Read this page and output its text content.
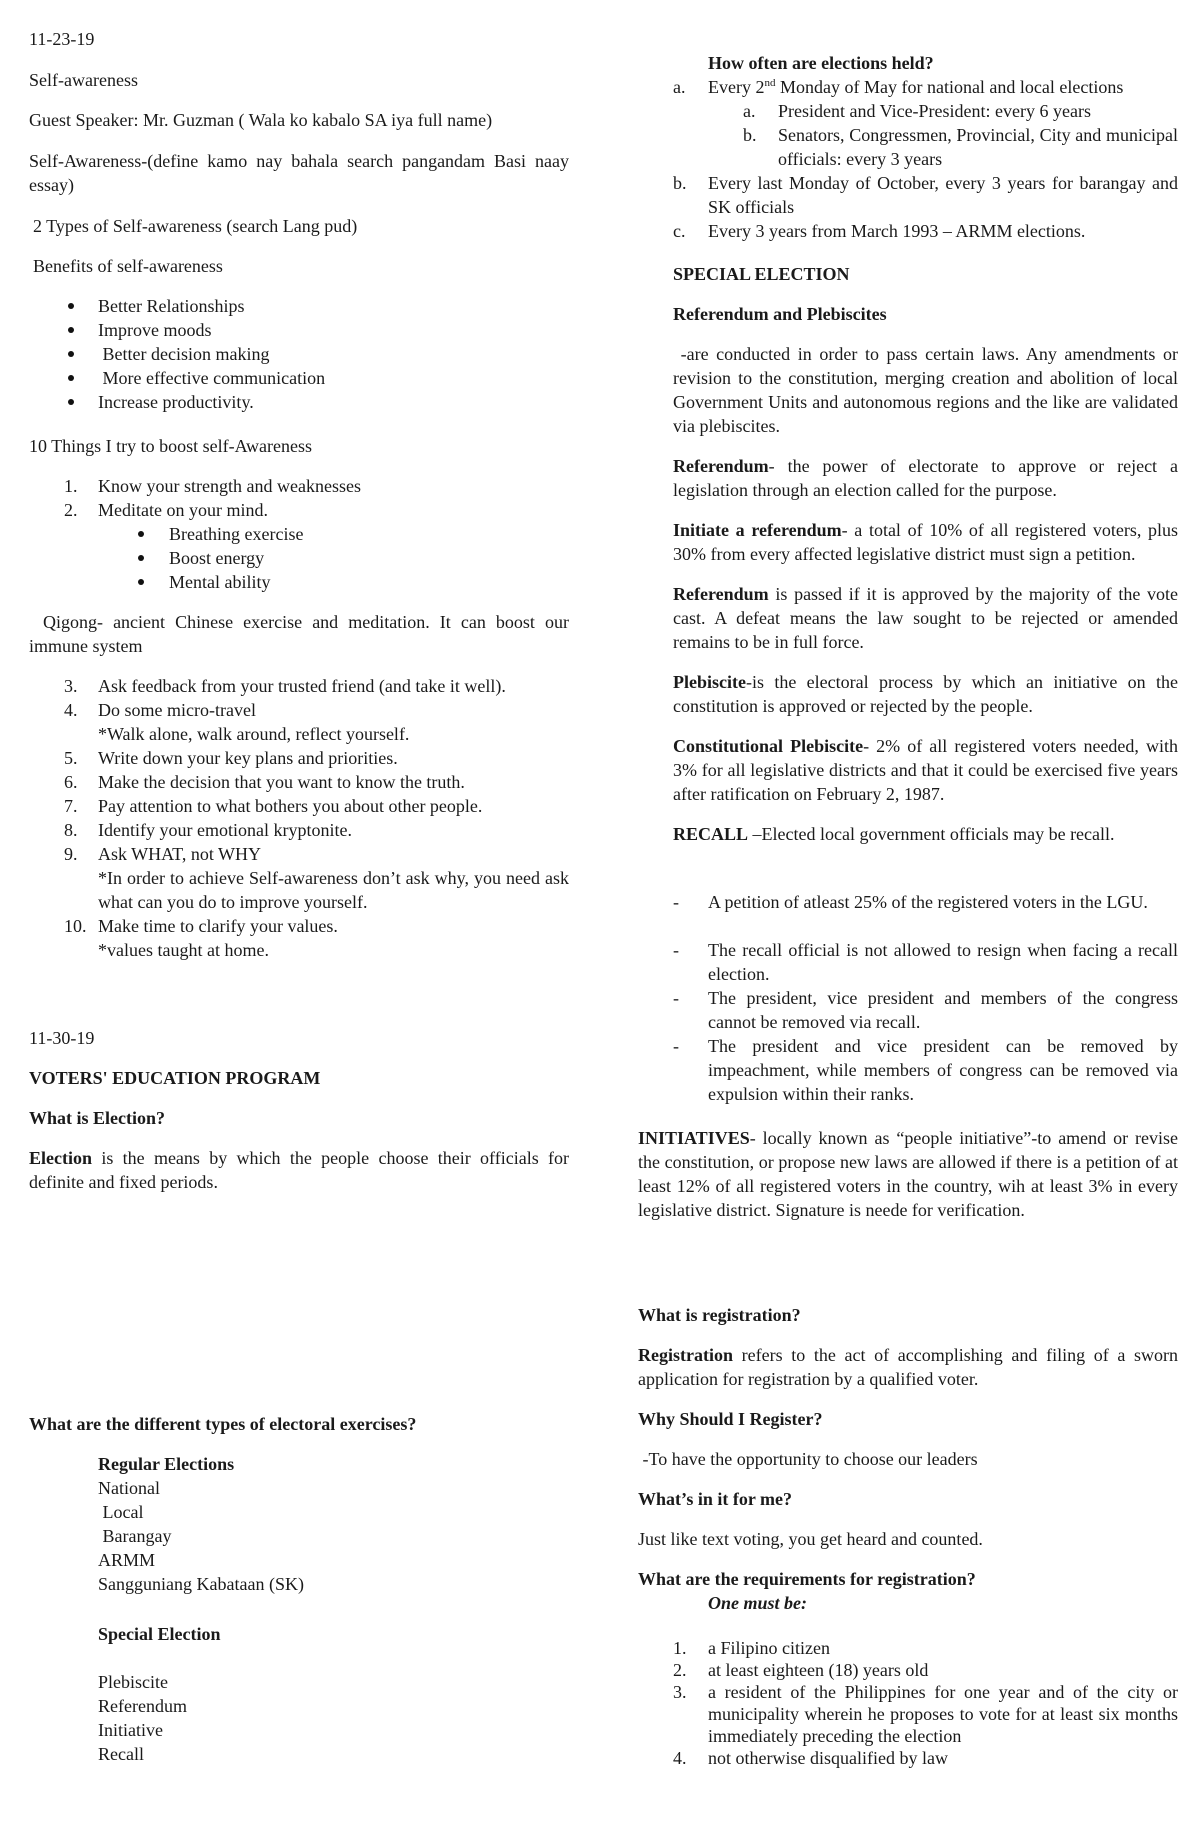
11-23-19

Self-awareness

Guest Speaker: Mr. Guzman ( Wala ko kabalo SA iya full name)

Self-Awareness-(define kamo nay bahala search pangandam Basi naay essay)

2 Types of Self-awareness (search Lang pud)

Benefits of self-awareness

Better Relationships
Improve moods
Better decision making
More effective communication
Increase productivity.

10 Things I try to boost self-Awareness

1. Know your strength and weaknesses
2. Meditate on your mind.
Breathing exercise
Boost energy
Mental ability

Qigong- ancient Chinese exercise and meditation. It can boost our immune system

3. Ask feedback from your trusted friend (and take it well).
4. Do some micro-travel
*Walk alone, walk around, reflect yourself.
5. Write down your key plans and priorities.
6. Make the decision that you want to know the truth.
7. Pay attention to what bothers you about other people.
8. Identify your emotional kryptonite.
9. Ask WHAT, not WHY
*In order to achieve Self-awareness don’t ask why, you need ask what can you do to improve yourself.
10. Make time to clarify your values.
*values taught at home.

11-30-19

VOTERS' EDUCATION PROGRAM

What is Election?

Election is the means by which the people choose their officials for definite and fixed periods.

What are the different types of electoral exercises?

Regular Elections

National

Local

Barangay

ARMM

Sangguniang Kabataan (SK)

Special Election

Plebiscite

Referendum

Initiative

Recall

How often are elections held?

a. Every 2nd Monday of May for national and local elections
a. President and Vice-President: every 6 years
b. Senators, Congressmen, Provincial, City and municipal officials: every 3 years
b. Every last Monday of October, every 3 years for barangay and SK officials
c. Every 3 years from March 1993 – ARMM elections.

SPECIAL ELECTION

Referendum and Plebiscites

-are conducted in order to pass certain laws. Any amendments or revision to the constitution, merging creation and abolition of local Government Units and autonomous regions and the like are validated via plebiscites.

Referendum- the power of electorate to approve or reject a legislation through an election called for the purpose.

Initiate a referendum- a total of 10% of all registered voters, plus 30% from every affected legislative district must sign a petition.

Referendum is passed if it is approved by the majority of the vote cast. A defeat means the law sought to be rejected or amended remains to be in full force.

Plebiscite-is the electoral process by which an initiative on the constitution is approved or rejected by the people.

Constitutional Plebiscite- 2% of all registered voters needed, with 3% for all legislative districts and that it could be exercised five years after ratification on February 2, 1987.

RECALL –Elected local government officials may be recall.

- A petition of atleast 25% of the registered voters in the LGU.
- The recall official is not allowed to resign when facing a recall election.
- The president, vice president and members of the congress cannot be removed via recall.
- The president and vice president can be removed by impeachment, while members of congress can be removed via expulsion within their ranks.

INITIATIVES- locally known as “people initiative”-to amend or revise the constitution, or propose new laws are allowed if there is a petition of at least 12% of all registered voters in the country, wih at least 3% in every legislative district. Signature is neede for verification.

What is registration?

Registration refers to the act of accomplishing and filing of a sworn application for registration by a qualified voter.

Why Should I Register?

-To have the opportunity to choose our leaders

What’s in it for me?

Just like text voting, you get heard and counted.

What are the requirements for registration?

One must be:

1. a Filipino citizen
2. at least eighteen (18) years old
3. a resident of the Philippines for one year and of the city or municipality wherein he proposes to vote for at least six months immediately preceding the election
4. not otherwise disqualified by law
